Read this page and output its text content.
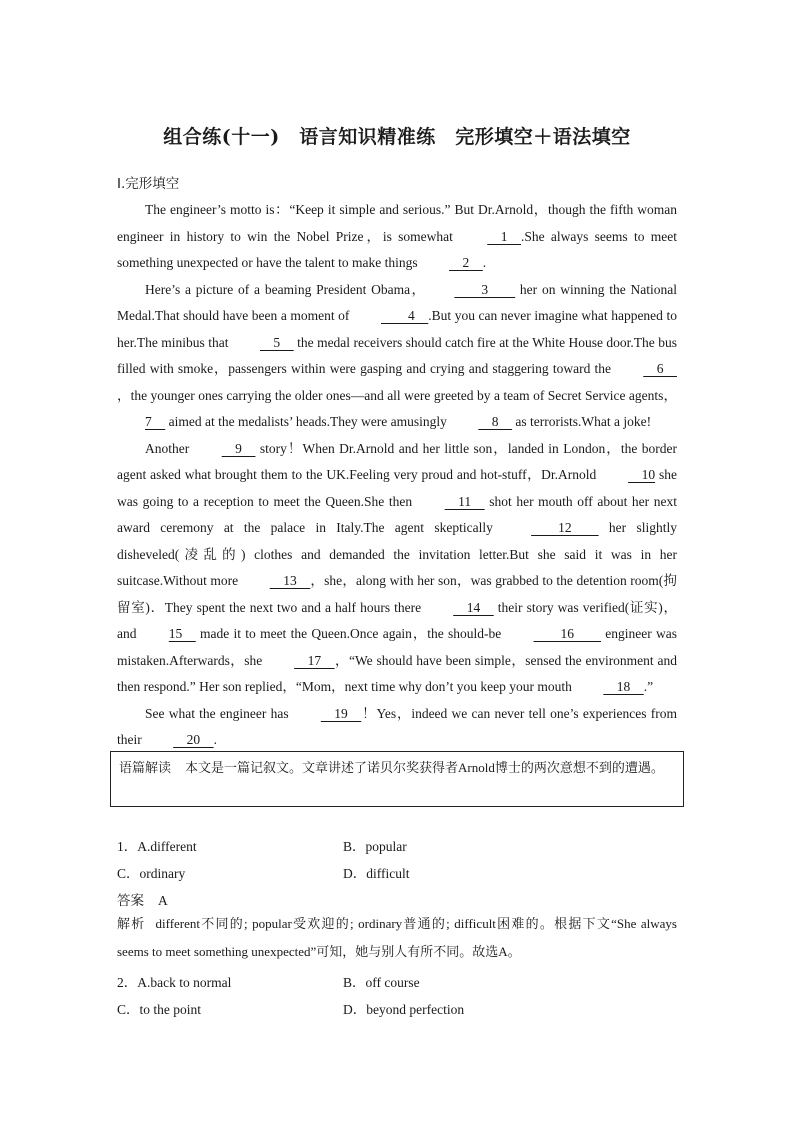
组合练(十一)　语言知识精准练　完形填空＋语法填空
Ⅰ.完形填空

The engineer’s motto is：“Keep it simple and serious.” But Dr.Arnold，though the fifth woman engineer in history to win the Nobel Prize，is somewhat 　1　.She always seems to meet something unexpected or have the talent to make things 　2　.

Here’s a picture of a beaming President Obama，　　3　　 her on winning the National Medal.That should have been a moment of 　　4　.But you can never imagine what happened to her.The minibus that 　5　 the medal receivers should catch fire at the White House door.The bus filled with smoke，passengers within were gasping and crying and staggering toward the 　6　，the younger ones carrying the older ones—and all were greeted by a team of Secret Service agents，7　 aimed at the medalists’ heads.They were amusingly 　8　 as terrorists.What a joke!

Another 　9　 story！When Dr.Arnold and her little son，landed in London，the border agent asked what brought them to the UK.Feeling very proud and hot-stuff，Dr.Arnold 　10 she was going to a reception to meet the Queen.She then 　11　 shot her mouth off about her next award ceremony at the palace in Italy.The agent skeptically 　　12　　 her slightly disheveled(凌乱的) clothes and demanded the invitation letter.But she said it was in her suitcase.Without more 　13　，she，along with her son，was grabbed to the detention room(拘留室)．They spent the next two and a half hours there 　14　 their story was verified(证实)，and 15　 made it to meet the Queen.Once again，the should-be 　　16　　 engineer was mistaken.Afterwards，she 　17　，“We should have been simple，sensed the environment and then respond.” Her son replied，“Mom，next time why don’t you keep your mouth 　18　.”

See what the engineer has 　19　！Yes，indeed we can never tell one’s experiences from their 　20　.

语篇解读 本文是一篇记叙文。文章讲述了诺贝尔奖获得者Arnold博士的两次意想不到的遭遇。
1．A.different	B．popular
C．ordinary	D．difficult
答案 A
解析 different不同的; popular受欢迎的; ordinary普通的; difficult困难的。根据下文“She always seems to meet something unexpected”可知，她与别人有所不同。故选A。
2．A.back to normal	B．off course
C．to the point	D．beyond perfection
